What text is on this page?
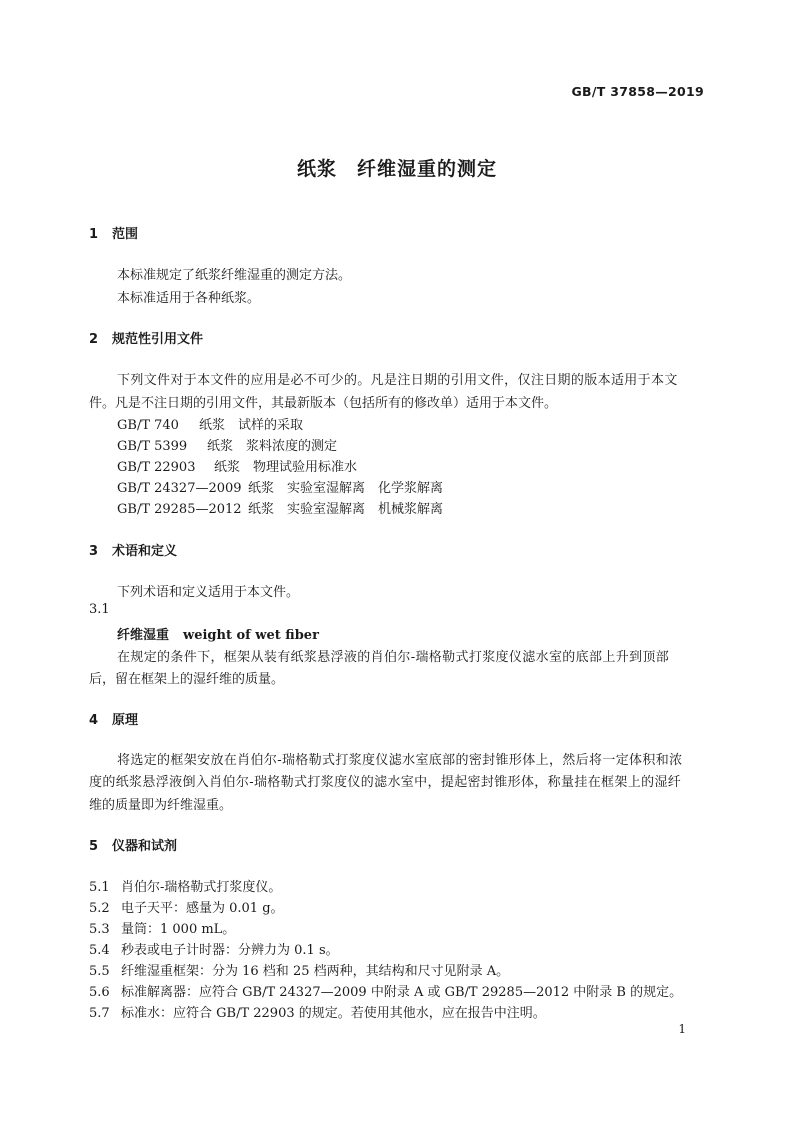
GB/T 37858—2019
纸浆　纤维湿重的测定
1 范围
本标准规定了纸浆纤维湿重的测定方法。
本标准适用于各种纸浆。
2 规范性引用文件
下列文件对于本文件的应用是必不可少的。凡是注日期的引用文件，仅注日期的版本适用于本文
件。凡是不注日期的引用文件，其最新版本（包括所有的修改单）适用于本文件。
GB/T 740 纸浆　试样的采取
GB/T 5399 纸浆　浆料浓度的测定
GB/T 22903 纸浆　物理试验用标准水
GB/T 24327—2009 纸浆　实验室湿解离　化学浆解离
GB/T 29285—2012 纸浆　实验室湿解离　机械浆解离
3 术语和定义
下列术语和定义适用于本文件。
3.1
纤维湿重 weight of wet fiber
在规定的条件下，框架从装有纸浆悬浮液的肖伯尔-瑞格勒式打浆度仪滤水室的底部上升到顶部
后，留在框架上的湿纤维的质量。
4 原理
将选定的框架安放在肖伯尔-瑞格勒式打浆度仪滤水室底部的密封锥形体上，然后将一定体积和浓
度的纸浆悬浮液倒入肖伯尔-瑞格勒式打浆度仪的滤水室中，提起密封锥形体，称量挂在框架上的湿纤
维的质量即为纤维湿重。
5 仪器和试剂
5.1 肖伯尔-瑞格勒式打浆度仪。
5.2 电子天平：感量为 0.01 g。
5.3 量筒：1 000 mL。
5.4 秒表或电子计时器：分辨力为 0.1 s。
5.5 纤维湿重框架：分为 16 档和 25 档两种，其结构和尺寸见附录 A。
5.6 标准解离器：应符合 GB/T 24327—2009 中附录 A 或 GB/T 29285—2012 中附录 B 的规定。
5.7 标准水：应符合 GB/T 22903 的规定。若使用其他水，应在报告中注明。
1
